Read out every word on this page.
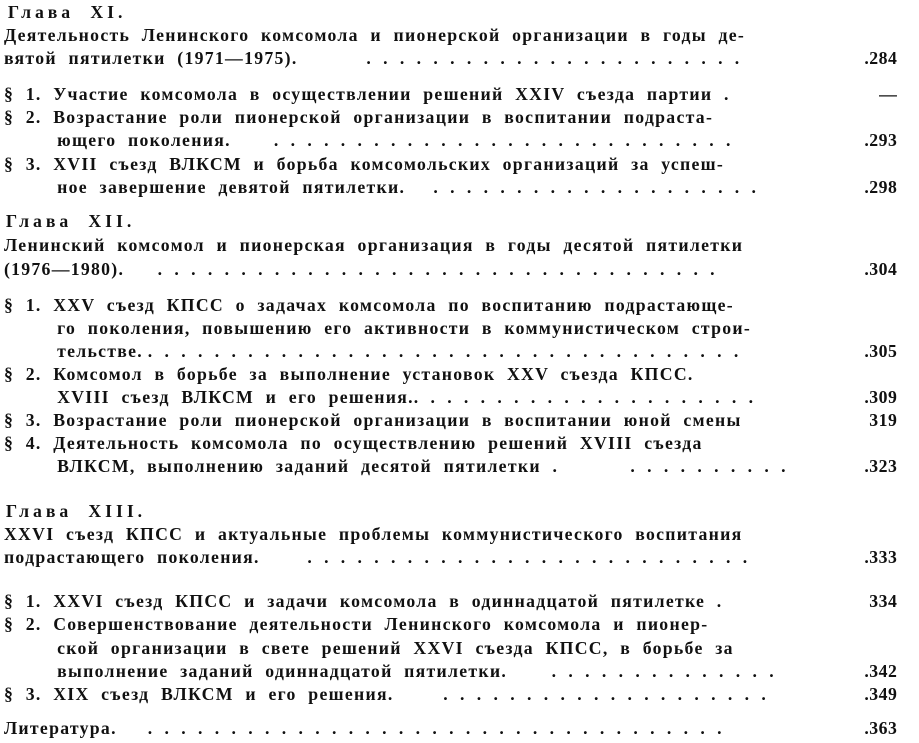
Глава XI.
Деятельность Ленинского комсомола и пионерской организации в годы де-
вятой пятилетки (1971—1975).	. . . . . . . . . . . . . . . . . . . . . . .	.284
§ 1. Участие комсомола в осуществлении решений XXIV съезда партии .	—
§ 2. Возрастание роли пионерской организации в воспитании подраста-
ющего поколения. . . . . . . . . . . . . . . . . . . . . . . . . . . . .	.293
§ 3. XVII съезд ВЛКСМ и борьба комсомольских организаций за успеш-
ное завершение девятой пятилетки. . . . . . . . . . . . . . . . . . . . .	.298
Глава XII.
Ленинский комсомол и пионерская организация в годы десятой пятилетки
(1976—1980). . . . . . . . . . . . . . . . . . . . . . . . . . . . . . . . . . .	.304
§ 1. XXV съезд КПСС о задачах комсомола по воспитанию подрастающе-
го поколения, повышению его активности в коммунистическом строи-
тельстве. . . . . . . . . . . . . . . . . . . . . . . . . . . . . . . . . . . . .	.305
§ 2. Комсомол в борьбе за выполнение установок XXV съезда КПСС.
XVIII съезд ВЛКСМ и его решения. . . . . . . . . . . . . . . . . . . . . .	.309
§ 3. Возрастание роли пионерской организации в воспитании юной смены	319
§ 4. Деятельность комсомола по осуществлению решений XVIII съезда
ВЛКСМ, выполнению заданий десятой пятилетки .	. . . . . . . . . .	.323
Глава XIII.
XXVI съезд КПСС и актуальные проблемы коммунистического воспитания
подрастающего поколения.	. . . . . . . . . . . . . . . . . . . . . . . . . . .	.333
§ 1. XXVI съезд КПСС и задачи комсомола в одиннадцатой пятилетке .	334
§ 2. Совершенствование деятельности Ленинского комсомола и пионер-
ской организации в свете решений XXVI съезда КПСС, в борьбе за
выполнение заданий одиннадцатой пятилетки. . . . . . . . . . . . . . .	.342
§ 3. XIX съезд ВЛКСМ и его решения.	. . . . . . . . . . . . . . . . . . . .	.349
Литература. . . . . . . . . . . . . . . . . . . . . . . . . . . . . . . . . . . .	.363
